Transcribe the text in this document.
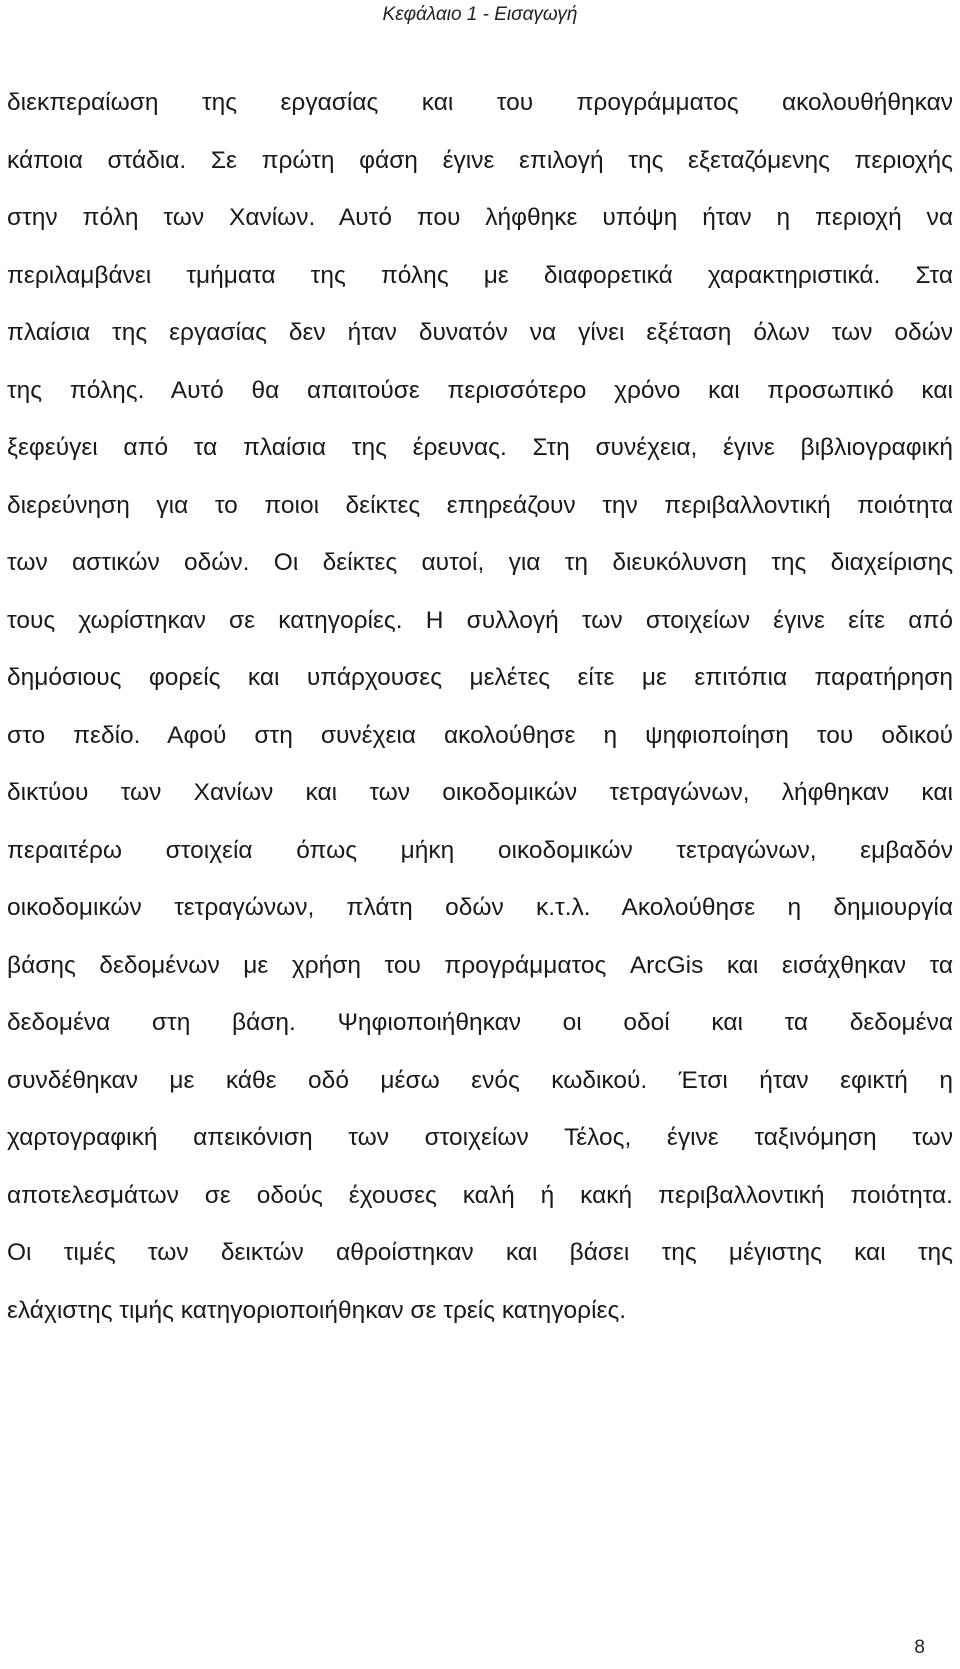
Κεφάλαιο 1 - Εισαγωγή
διεκπεραίωση της εργασίας και του προγράμματος ακολουθήθηκαν
κάποια στάδια. Σε πρώτη φάση έγινε επιλογή της εξεταζόμενης περιοχής
στην πόλη των Χανίων. Αυτό που λήφθηκε υπόψη ήταν η περιοχή να
περιλαμβάνει τμήματα της πόλης με διαφορετικά χαρακτηριστικά. Στα
πλαίσια της εργασίας δεν ήταν δυνατόν να γίνει εξέταση όλων των οδών
της πόλης. Αυτό θα απαιτούσε περισσότερο χρόνο και προσωπικό και
ξεφεύγει από τα πλαίσια της έρευνας. Στη συνέχεια, έγινε βιβλιογραφική
διερεύνηση για το ποιοι δείκτες επηρεάζουν την περιβαλλοντική ποιότητα
των αστικών οδών. Οι δείκτες αυτοί, για τη διευκόλυνση της διαχείρισης
τους χωρίστηκαν σε κατηγορίες. Η συλλογή των στοιχείων έγινε είτε από
δημόσιους φορείς και υπάρχουσες μελέτες είτε με επιτόπια παρατήρηση
στο πεδίο. Αφού στη συνέχεια ακολούθησε η ψηφιοποίηση του οδικού
δικτύου των Χανίων και των οικοδομικών τετραγώνων, λήφθηκαν και
περαιτέρω στοιχεία όπως μήκη οικοδομικών τετραγώνων, εμβαδόν
οικοδομικών τετραγώνων, πλάτη οδών κ.τ.λ. Ακολούθησε η δημιουργία
βάσης δεδομένων με χρήση του προγράμματος ArcGis και εισάχθηκαν τα
δεδομένα στη βάση. Ψηφιοποιήθηκαν οι οδοί και τα δεδομένα
συνδέθηκαν με κάθε οδό μέσω ενός κωδικού. Έτσι ήταν εφικτή η
χαρτογραφική απεικόνιση των στοιχείων Τέλος, έγινε ταξινόμηση των
αποτελεσμάτων σε οδούς έχουσες καλή ή κακή περιβαλλοντική ποιότητα.
Οι τιμές των δεικτών αθροίστηκαν και βάσει της μέγιστης και της
ελάχιστης τιμής κατηγοριοποιήθηκαν σε τρείς κατηγορίες.
8
